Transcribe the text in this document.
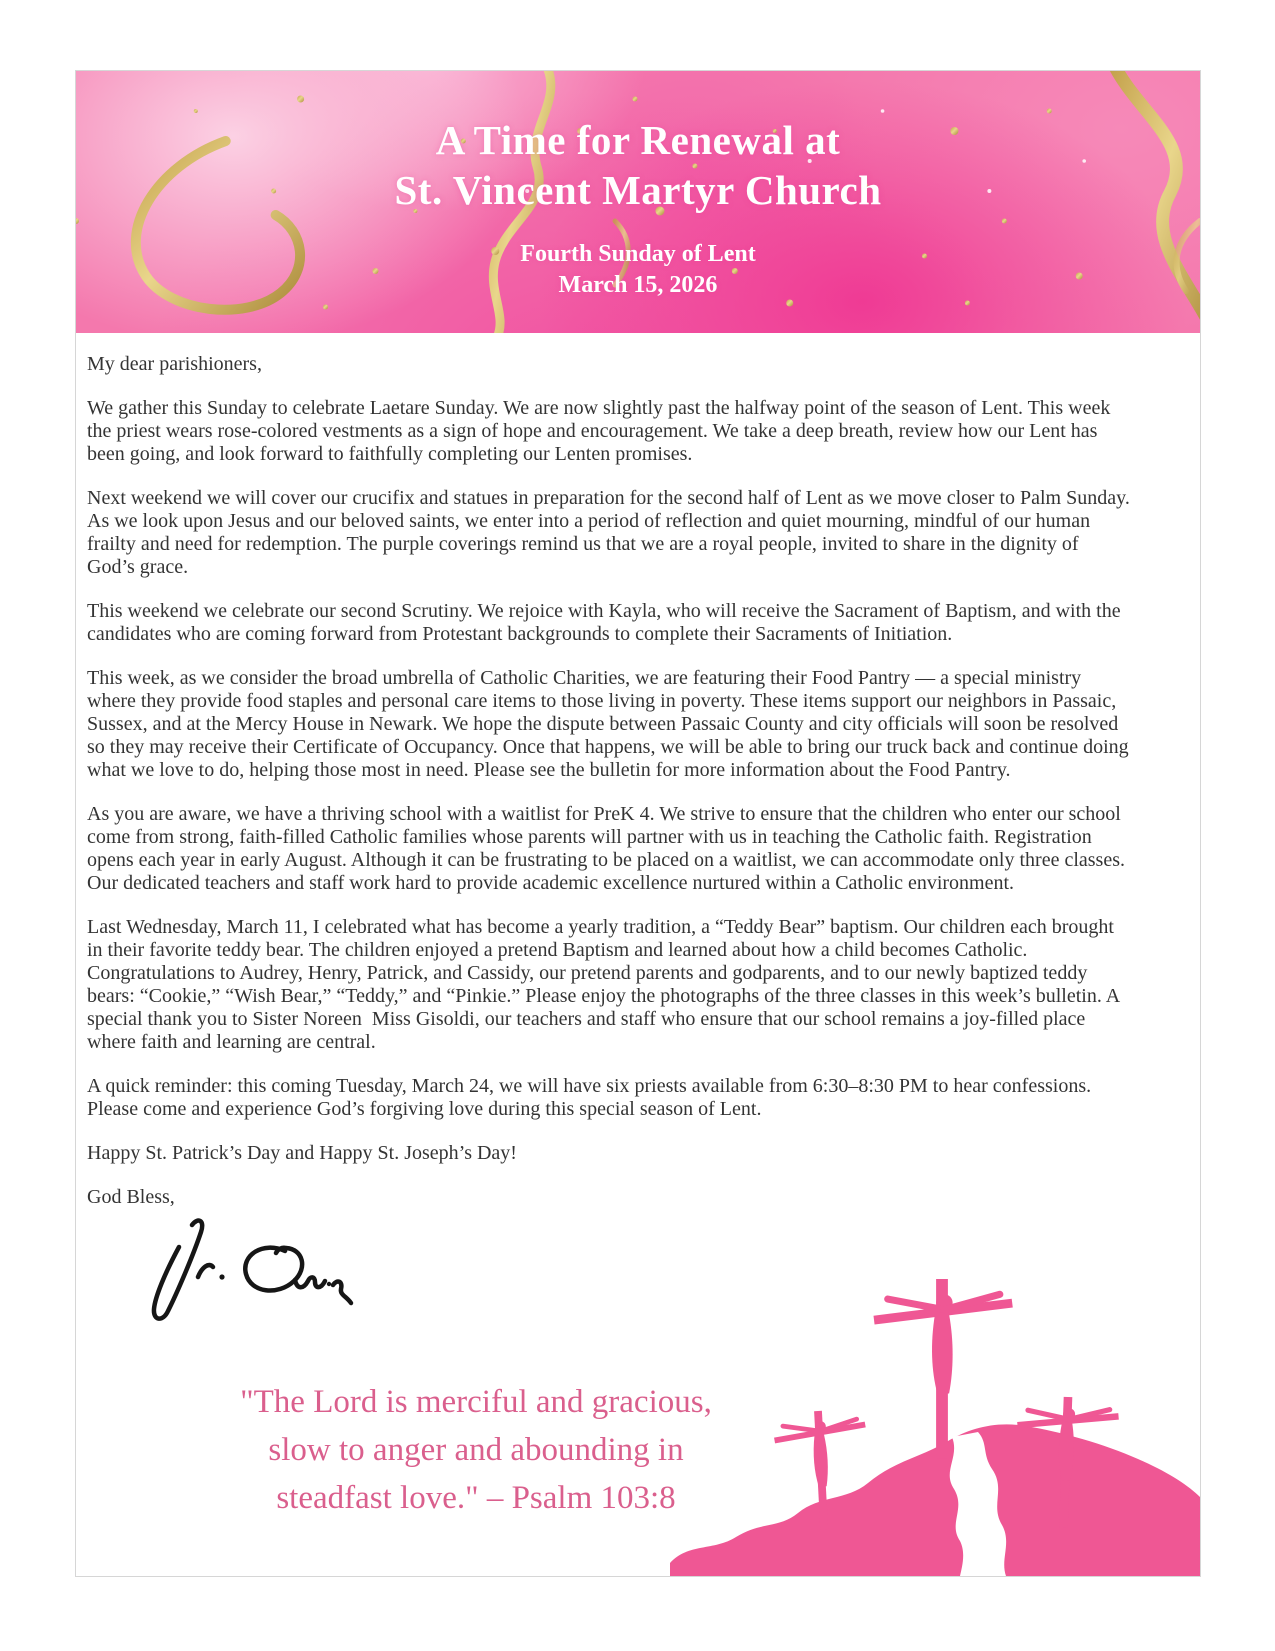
A Time for Renewal at
St. Vincent Martyr Church
Fourth Sunday of Lent
March 15, 2026

My dear parishioners,

We gather this Sunday to celebrate Laetare Sunday. We are now slightly past the halfway point of the season of Lent. This week the priest wears rose-colored vestments as a sign of hope and encouragement. We take a deep breath, review how our Lent has been going, and look forward to faithfully completing our Lenten promises.

Next weekend we will cover our crucifix and statues in preparation for the second half of Lent as we move closer to Palm Sunday. As we look upon Jesus and our beloved saints, we enter into a period of reflection and quiet mourning, mindful of our human frailty and need for redemption. The purple coverings remind us that we are a royal people, invited to share in the dignity of God’s grace.

This weekend we celebrate our second Scrutiny. We rejoice with Kayla, who will receive the Sacrament of Baptism, and with the candidates who are coming forward from Protestant backgrounds to complete their Sacraments of Initiation.

This week, as we consider the broad umbrella of Catholic Charities, we are featuring their Food Pantry — a special ministry where they provide food staples and personal care items to those living in poverty. These items support our neighbors in Passaic, Sussex, and at the Mercy House in Newark. We hope the dispute between Passaic County and city officials will soon be resolved so they may receive their Certificate of Occupancy. Once that happens, we will be able to bring our truck back and continue doing what we love to do, helping those most in need. Please see the bulletin for more information about the Food Pantry.

As you are aware, we have a thriving school with a waitlist for PreK 4. We strive to ensure that the children who enter our school come from strong, faith-filled Catholic families whose parents will partner with us in teaching the Catholic faith. Registration opens each year in early August. Although it can be frustrating to be placed on a waitlist, we can accommodate only three classes. Our dedicated teachers and staff work hard to provide academic excellence nurtured within a Catholic environment.

Last Wednesday, March 11, I celebrated what has become a yearly tradition, a “Teddy Bear” baptism. Our children each brought in their favorite teddy bear. The children enjoyed a pretend Baptism and learned about how a child becomes Catholic. Congratulations to Audrey, Henry, Patrick, and Cassidy, our pretend parents and godparents, and to our newly baptized teddy bears: “Cookie,” “Wish Bear,” “Teddy,” and “Pinkie.” Please enjoy the photographs of the three classes in this week’s bulletin. A special thank you to Sister Noreen  Miss Gisoldi, our teachers and staff who ensure that our school remains a joy-filled place where faith and learning are central.

A quick reminder: this coming Tuesday, March 24, we will have six priests available from 6:30–8:30 PM to hear confessions. Please come and experience God’s forgiving love during this special season of Lent.

Happy St. Patrick’s Day and Happy St. Joseph’s Day!

God Bless,

"The Lord is merciful and gracious,
slow to anger and abounding in
steadfast love." – Psalm 103:8
